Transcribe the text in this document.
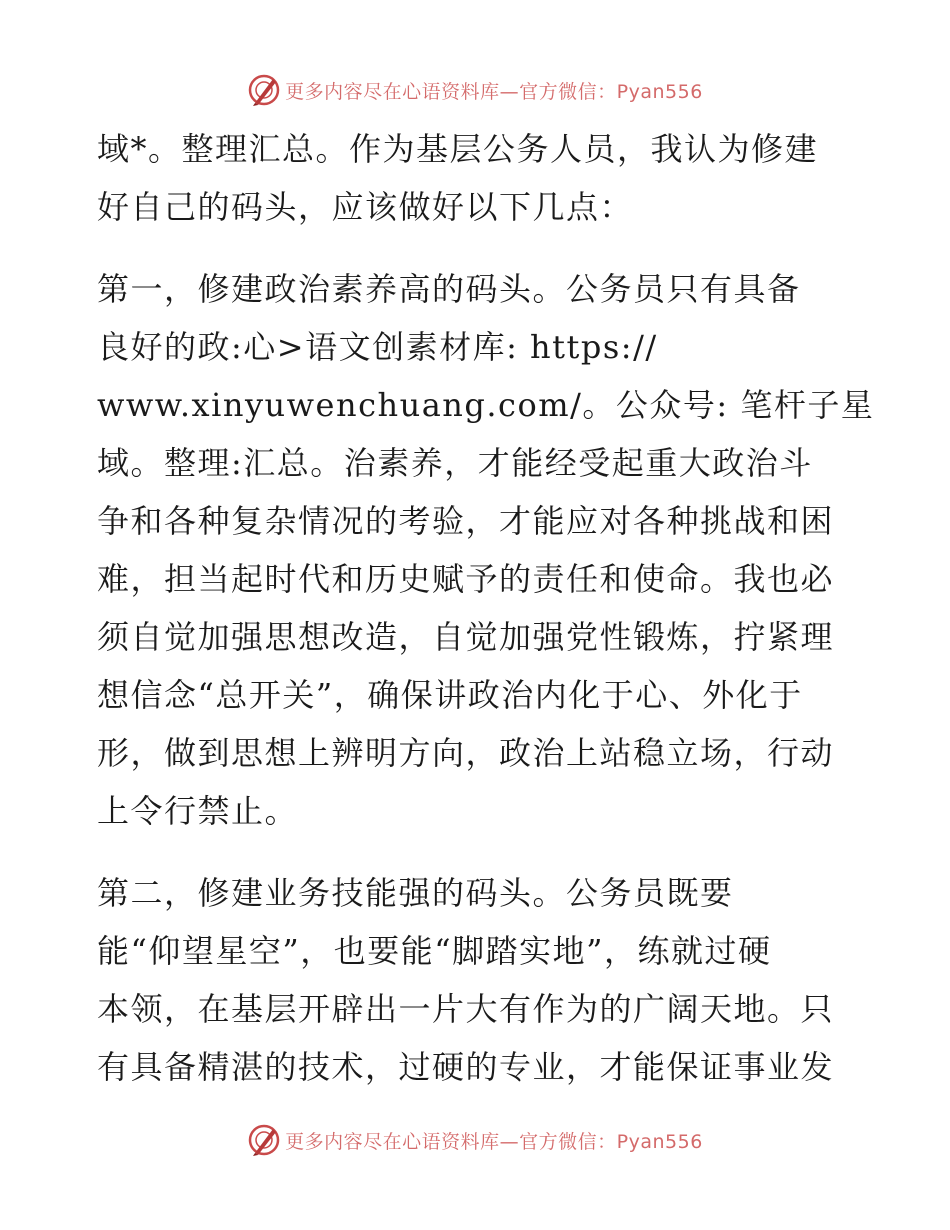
更多内容尽在心语资料库—官方微信：Pyan556
域*。整理汇总。作为基层公务人员，我认为修建
好自己的码头，应该做好以下几点：
第一，修建政治素养高的码头。公务员只有具备
良好的政:心>语文创素材库: https://
www.xinyuwenchuang.com/。公众号: 笔杆子星
域。整理:汇总。治素养，才能经受起重大政治斗
争和各种复杂情况的考验，才能应对各种挑战和困
难，担当起时代和历史赋予的责任和使命。我也必
须自觉加强思想改造，自觉加强党性锻炼，拧紧理
想信念“总开关”，确保讲政治内化于心、外化于
形，做到思想上辨明方向，政治上站稳立场，行动
上令行禁止。
第二，修建业务技能强的码头。公务员既要
能“仰望星空”，也要能“脚踏实地”，练就过硬
本领，在基层开辟出一片大有作为的广阔天地。只
有具备精湛的技术，过硬的专业，才能保证事业发
更多内容尽在心语资料库—官方微信：Pyan556
